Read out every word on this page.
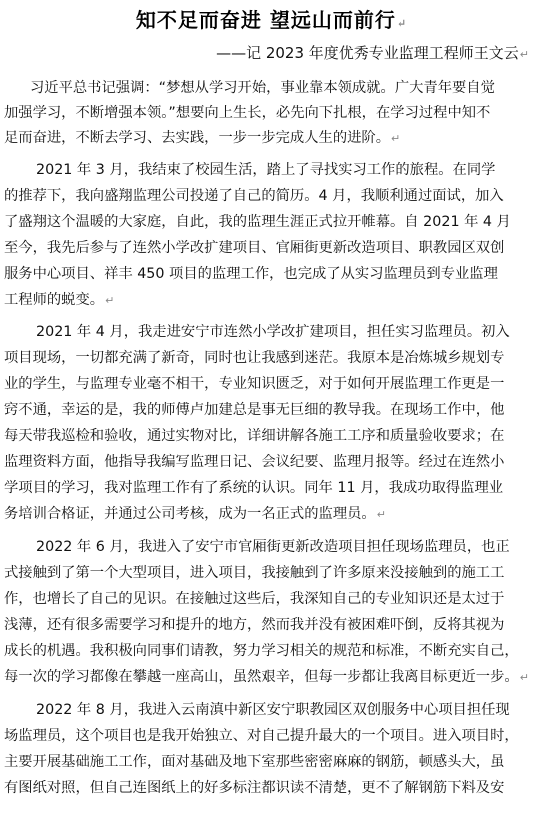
知不足而奋进 望远山而前行↵
——记 2023 年度优秀专业监理工程师王文云↵
习近平总书记强调：“梦想从学习开始，事业靠本领成就。广大青年要自觉
加强学习，不断增强本领。”想要向上生长，必先向下扎根，在学习过程中知不
足而奋进，不断去学习、去实践，一步一步完成人生的进阶。↵
2021 年 3 月，我结束了校园生活，踏上了寻找实习工作的旅程。在同学
的推荐下，我向盛翔监理公司投递了自己的简历。4 月，我顺利通过面试，加入
了盛翔这个温暖的大家庭，自此，我的监理生涯正式拉开帷幕。自 2021 年 4 月
至今，我先后参与了连然小学改扩建项目、官厢街更新改造项目、职教园区双创
服务中心项目、祥丰 450 项目的监理工作，也完成了从实习监理员到专业监理
工程师的蜕变。↵
2021 年 4 月，我走进安宁市连然小学改扩建项目，担任实习监理员。初入
项目现场，一切都充满了新奇，同时也让我感到迷茫。我原本是冶炼城乡规划专
业的学生，与监理专业毫不相干，专业知识匮乏，对于如何开展监理工作更是一
窍不通，幸运的是，我的师傅卢加建总是事无巨细的教导我。在现场工作中，他
每天带我巡检和验收，通过实物对比，详细讲解各施工工序和质量验收要求；在
监理资料方面，他指导我编写监理日记、会议纪要、监理月报等。经过在连然小
学项目的学习，我对监理工作有了系统的认识。同年 11 月，我成功取得监理业
务培训合格证，并通过公司考核，成为一名正式的监理员。↵
2022 年 6 月，我进入了安宁市官厢街更新改造项目担任现场监理员，也正
式接触到了第一个大型项目，进入项目，我接触到了许多原来没接触到的施工工
作，也增长了自己的见识。在接触过这些后，我深知自己的专业知识还是太过于
浅薄，还有很多需要学习和提升的地方，然而我并没有被困难吓倒，反将其视为
成长的机遇。我积极向同事们请教，努力学习相关的规范和标准，不断充实自己，
每一次的学习都像在攀越一座高山，虽然艰辛，但每一步都让我离目标更近一步。↵
2022 年 8 月，我进入云南滇中新区安宁职教园区双创服务中心项目担任现
场监理员，这个项目也是我开始独立、对自己提升最大的一个项目。进入项目时，
主要开展基础施工工作，面对基础及地下室那些密密麻麻的钢筋，顿感头大，虽
有图纸对照，但自己连图纸上的好多标注都识读不清楚，更不了解钢筋下料及安
